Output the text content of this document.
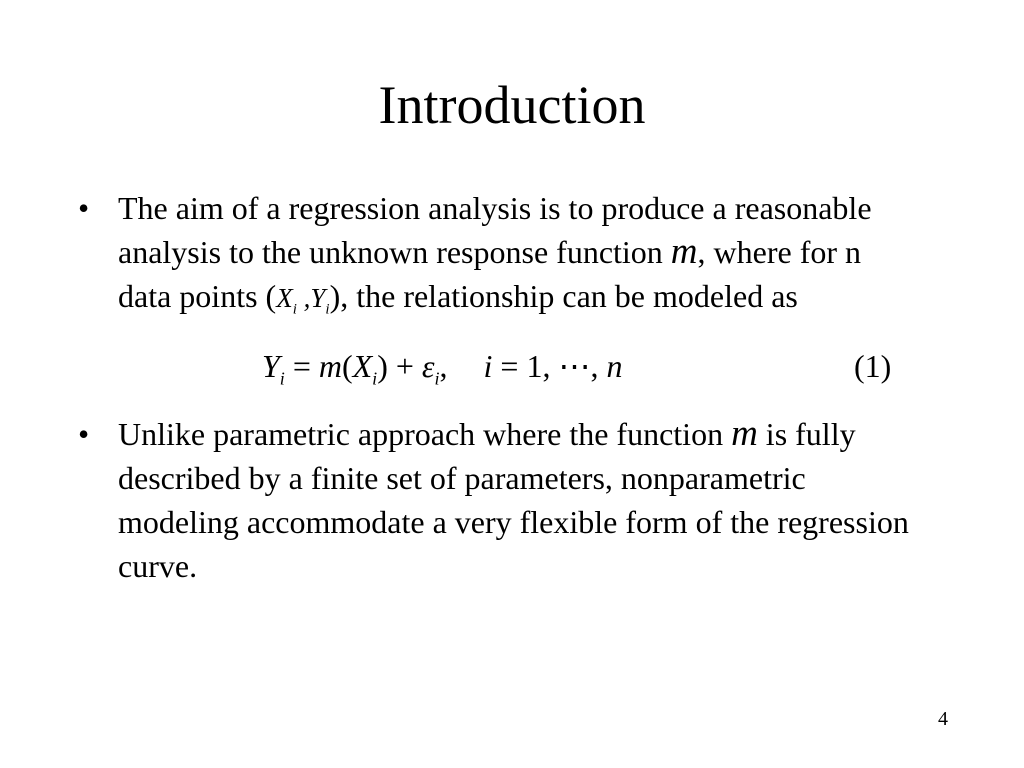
Introduction
• The aim of a regression analysis is to produce a reasonable analysis to the unknown response function m, where for n data points ($X_i$ $,Y_i$), the relationship can be modeled as
$Y_i = m(X_i) + \varepsilon_i$, i = 1, ⋯, n	(1)
• Unlike parametric approach where the function m is fully described by a finite set of parameters, nonparametric modeling accommodate a very flexible form of the regression curve.
4
